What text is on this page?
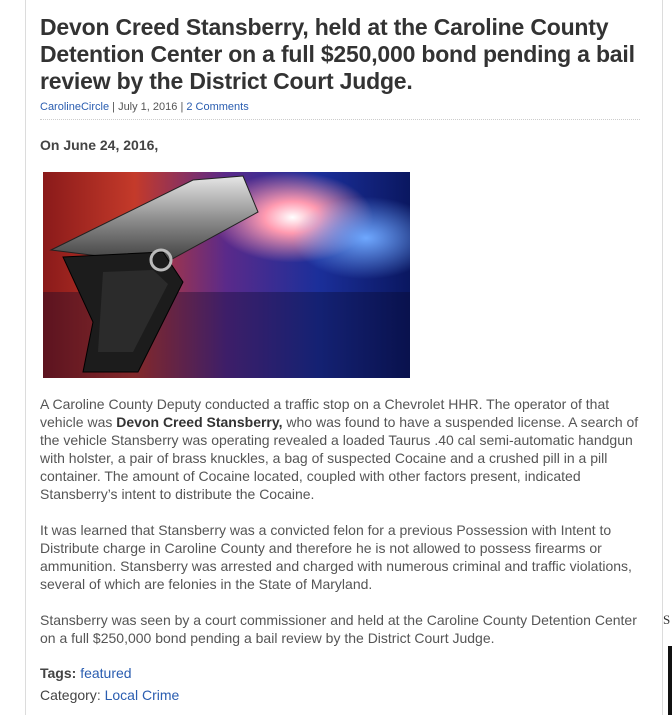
Devon Creed Stansberry, held at the Caroline County Detention Center on a full $250,000 bond pending a bail review by the District Court Judge.
CarolineCircle | July 1, 2016 | 2 Comments
On June 24, 2016,

A Caroline County Deputy conducted a traffic stop on a Chevrolet HHR. The operator of that vehicle was Devon Creed Stansberry, who was found to have a suspended license. A search of the vehicle Stansberry was operating revealed a loaded Taurus .40 cal semi-automatic handgun with holster, a pair of brass knuckles, a bag of suspected Cocaine and a crushed pill in a pill container. The amount of Cocaine located, coupled with other factors present, indicated Stansberry’s intent to distribute the Cocaine.

It was learned that Stansberry was a convicted felon for a previous Possession with Intent to Distribute charge in Caroline County and therefore he is not allowed to possess firearms or ammunition. Stansberry was arrested and charged with numerous criminal and traffic violations, several of which are felonies in the State of Maryland.

Stansberry was seen by a court commissioner and held at the Caroline County Detention Center on a full $250,000 bond pending a bail review by the District Court Judge.

Tags: featured
Category: Local Crime
S
